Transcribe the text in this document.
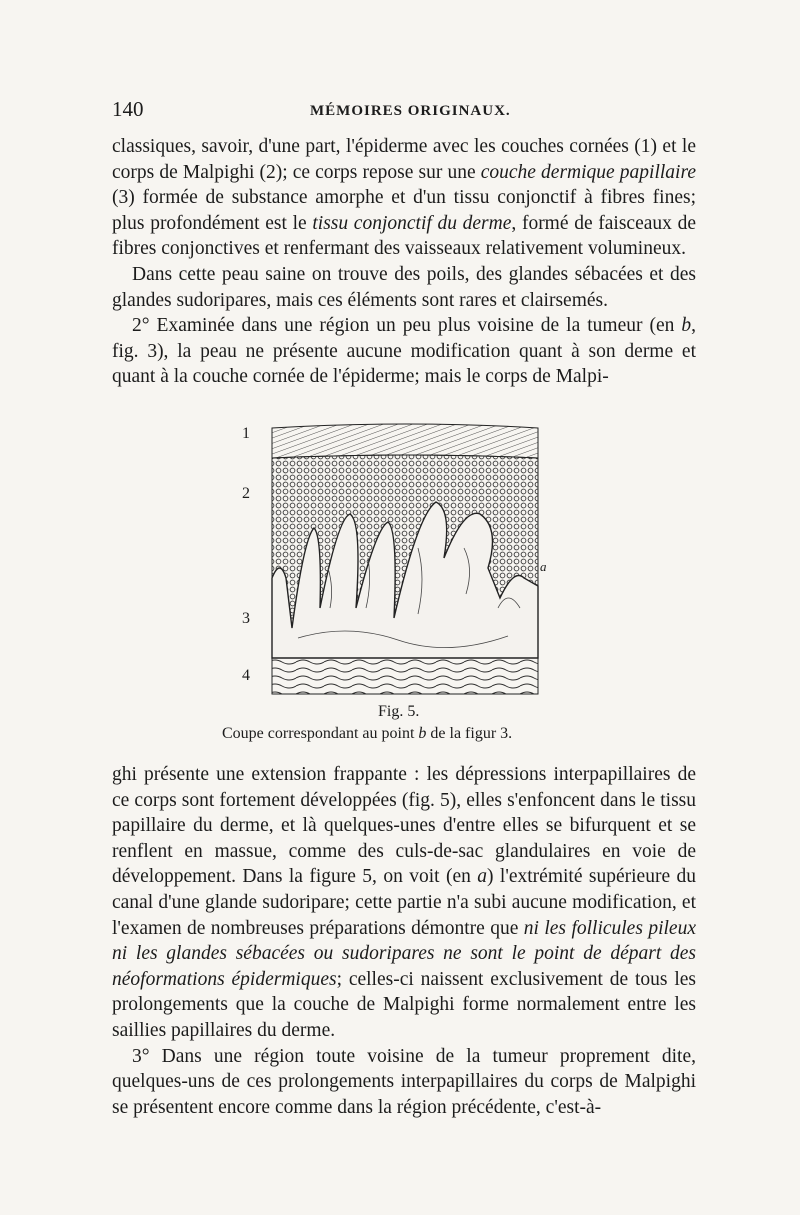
140	MÉMOIRES ORIGINAUX.

classiques, savoir, d'une part, l'épiderme avec les couches cornées (1) et le corps de Malpighi (2); ce corps repose sur une couche dermique papillaire (3) formée de substance amorphe et d'un tissu conjonctif à fibres fines; plus profondément est le tissu conjonctif du derme, formé de faisceaux de fibres conjonctives et renfermant des vaisseaux relativement volumineux.

Dans cette peau saine on trouve des poils, des glandes sébacées et des glandes sudoripares, mais ces éléments sont rares et clairsemés.

2° Examinée dans une région un peu plus voisine de la tumeur (en b, fig. 3), la peau ne présente aucune modification quant à son derme et quant à la couche cornée de l'épiderme; mais le corps de Malpi-

1
2
3
4
a
Fig. 5.
Coupe correspondant au point b de la figur 3.

ghi présente une extension frappante : les dépressions interpapillaires de ce corps sont fortement développées (fig. 5), elles s'enfoncent dans le tissu papillaire du derme, et là quelques-unes d'entre elles se bifurquent et se renflent en massue, comme des culs-de-sac glandulaires en voie de développement. Dans la figure 5, on voit (en a) l'extrémité supérieure du canal d'une glande sudoripare; cette partie n'a subi aucune modification, et l'examen de nombreuses préparations démontre que ni les follicules pileux ni les glandes sébacées ou sudoripares ne sont le point de départ des néoformations épidermiques; celles-ci naissent exclusivement de tous les prolongements que la couche de Malpighi forme normalement entre les saillies papillaires du derme.

3° Dans une région toute voisine de la tumeur proprement dite, quelques-uns de ces prolongements interpapillaires du corps de Malpighi se présentent encore comme dans la région précédente, c'est-à-
